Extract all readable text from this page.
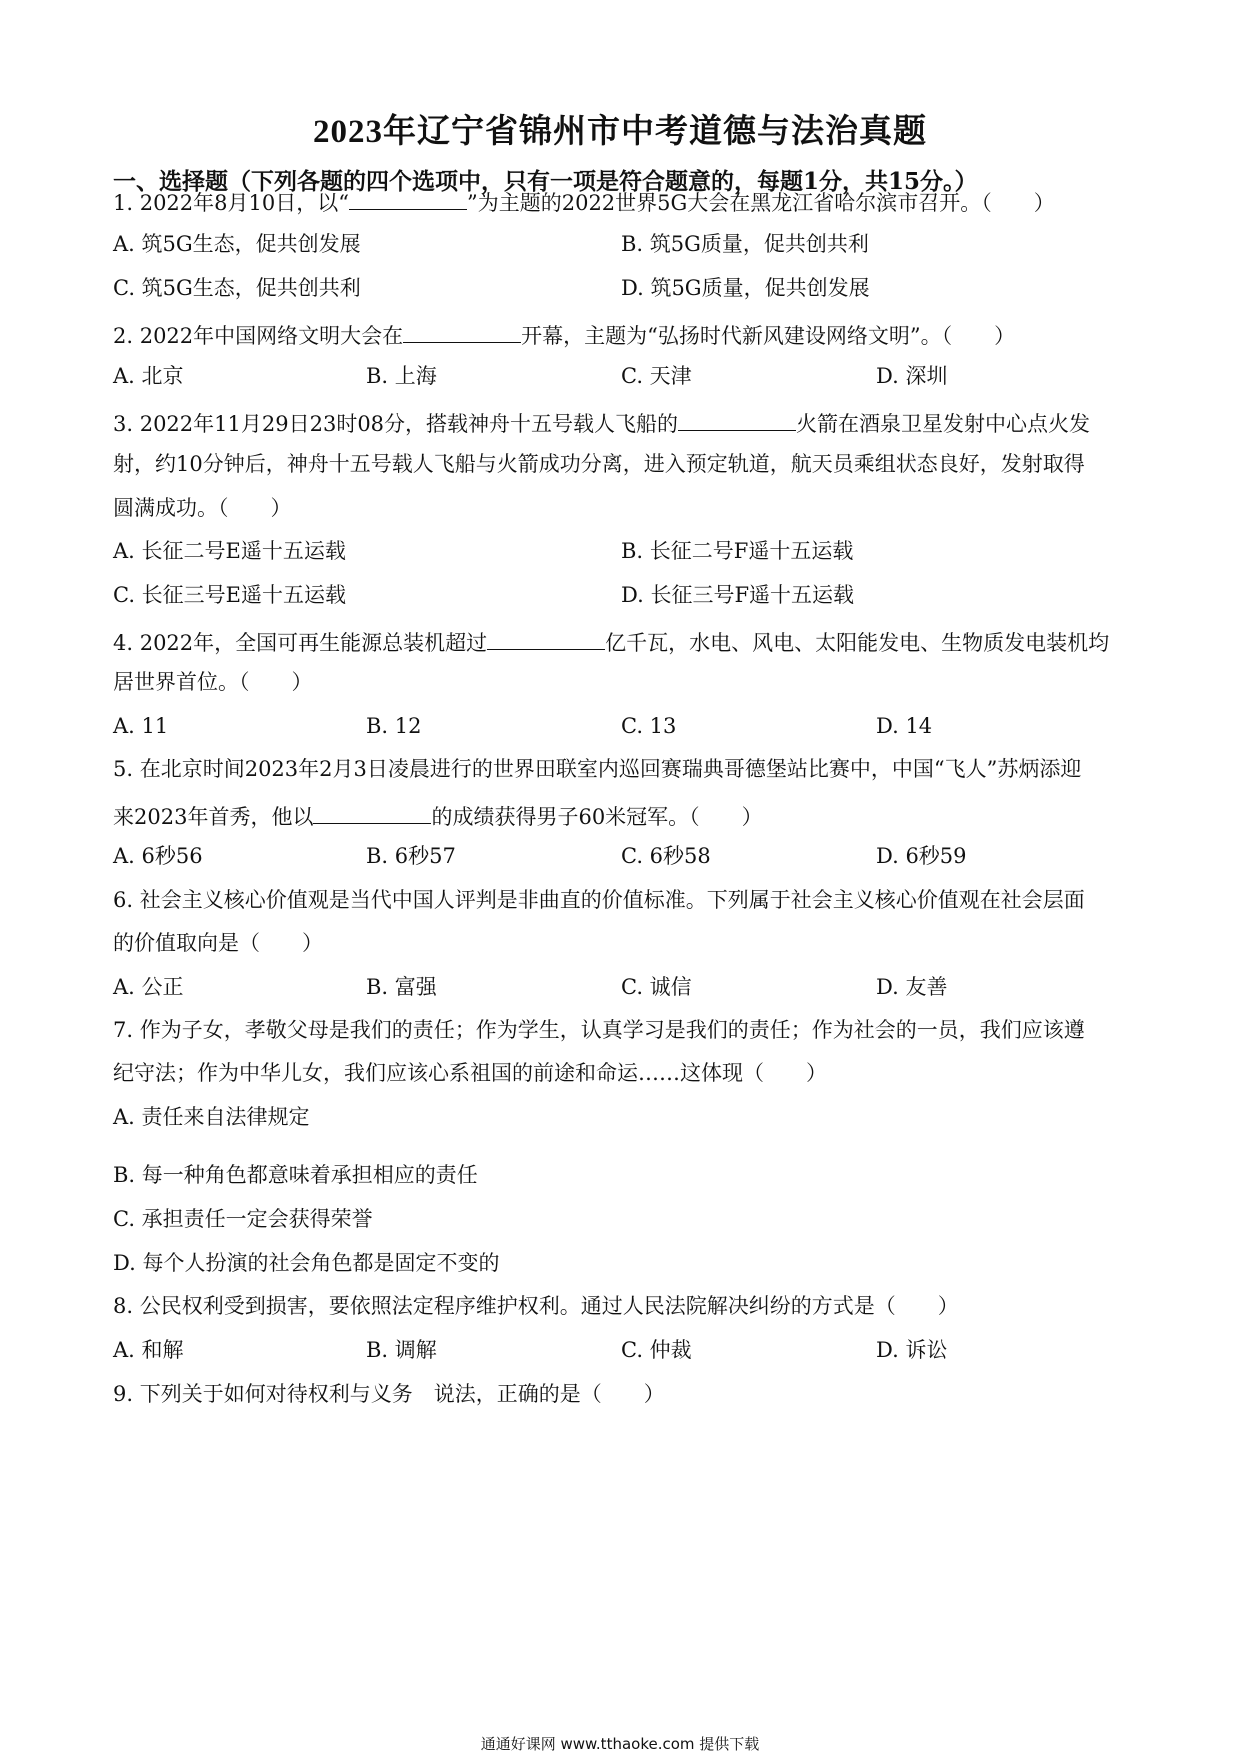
2023年辽宁省锦州市中考道德与法治真题
一、选择题（下列各题的四个选项中，只有一项是符合题意的，每题1分，共15分。）
1. 2022年8月10日，以“	”为主题的2022世界5G大会在黑龙江省哈尔滨市召开。（　　）
A. 筑5G生态，促共创发展	B. 筑5G质量，促共创共利
C. 筑5G生态，促共创共利	D. 筑5G质量，促共创发展
2. 2022年中国网络文明大会在	开幕，主题为“弘扬时代新风建设网络文明”。（　　）
A. 北京	B. 上海	C. 天津	D. 深圳
3. 2022年11月29日23时08分，搭载神舟十五号载人飞船的	火箭在酒泉卫星发射中心点火发
射，约10分钟后，神舟十五号载人飞船与火箭成功分离，进入预定轨道，航天员乘组状态良好，发射取得
圆满成功。（　　）
A. 长征二号E遥十五运载	B. 长征二号F遥十五运载
C. 长征三号E遥十五运载	D. 长征三号F遥十五运载
4. 2022年，全国可再生能源总装机超过	亿千瓦，水电、风电、太阳能发电、生物质发电装机均
居世界首位。（　　）
A. 11	B. 12	C. 13	D. 14
5. 在北京时间2023年2月3日凌晨进行的世界田联室内巡回赛瑞典哥德堡站比赛中，中国“飞人”苏炳添迎
来2023年首秀，他以	的成绩获得男子60米冠军。（　　）
A. 6秒56	B. 6秒57	C. 6秒58	D. 6秒59
6. 社会主义核心价值观是当代中国人评判是非曲直的价值标准。下列属于社会主义核心价值观在社会层面
的价值取向是（　　）
A. 公正	B. 富强	C. 诚信	D. 友善
7. 作为子女，孝敬父母是我们的责任；作为学生，认真学习是我们的责任；作为社会的一员，我们应该遵
纪守法；作为中华儿女，我们应该心系祖国的前途和命运……这体现（　　）
A. 责任来自法律规定
B. 每一种角色都意味着承担相应的责任
C. 承担责任一定会获得荣誉
D. 每个人扮演的社会角色都是固定不变的
8. 公民权利受到损害，要依照法定程序维护权利。通过人民法院解决纠纷的方式是（　　）
A. 和解	B. 调解	C. 仲裁	D. 诉讼
9. 下列关于如何对待权利与义务　说法，正确的是（　　）
通通好课网 www.tthaoke.com 提供下载
